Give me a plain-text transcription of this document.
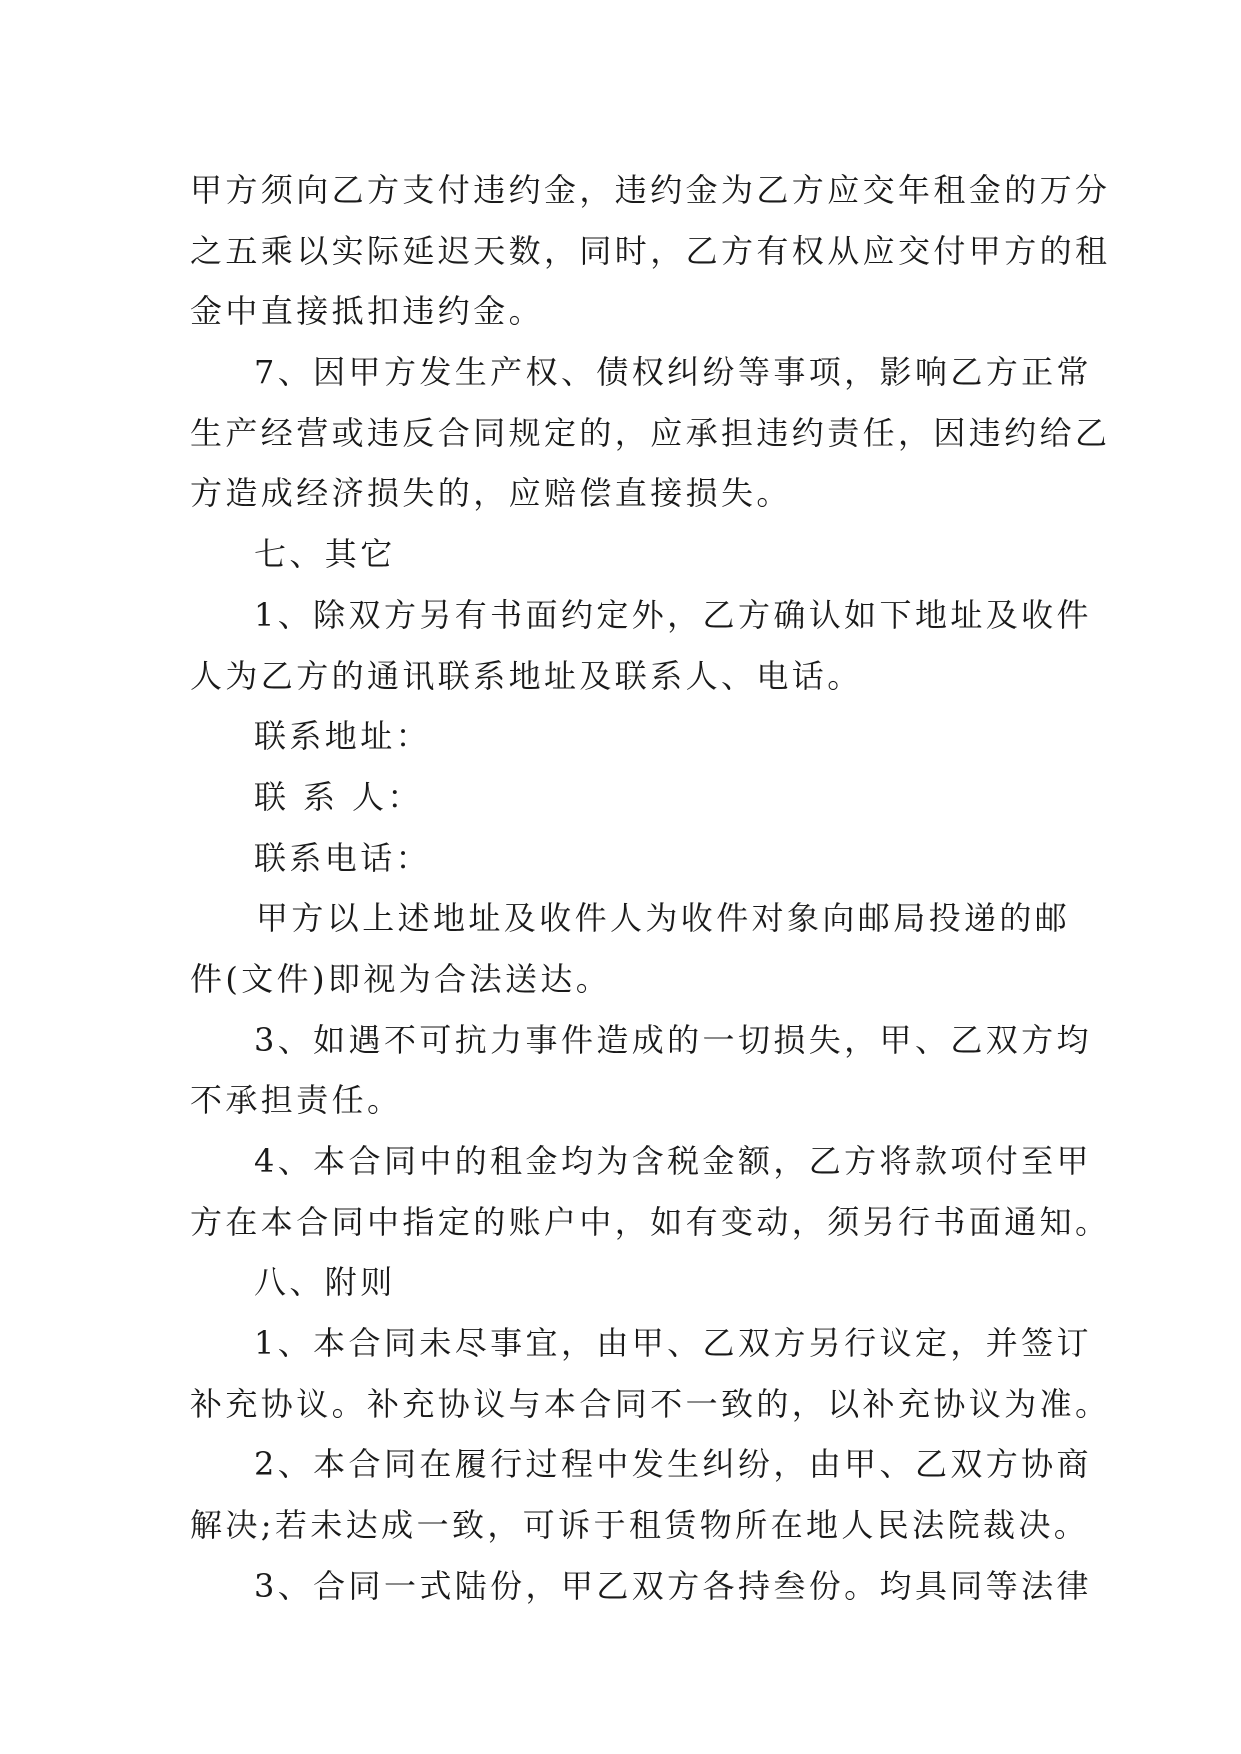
甲方须向乙方支付违约金，违约金为乙方应交年租金的万分
之五乘以实际延迟天数，同时，乙方有权从应交付甲方的租
金中直接抵扣违约金。
7、因甲方发生产权、债权纠纷等事项，影响乙方正常
生产经营或违反合同规定的，应承担违约责任，因违约给乙
方造成经济损失的，应赔偿直接损失。
七、其它
1、除双方另有书面约定外，乙方确认如下地址及收件
人为乙方的通讯联系地址及联系人、电话。
联系地址：
联 系 人：
联系电话：
甲方以上述地址及收件人为收件对象向邮局投递的邮
件(文件)即视为合法送达。
3、如遇不可抗力事件造成的一切损失，甲、乙双方均
不承担责任。
4、本合同中的租金均为含税金额，乙方将款项付至甲
方在本合同中指定的账户中，如有变动，须另行书面通知。
八、附则
1、本合同未尽事宜，由甲、乙双方另行议定，并签订
补充协议。补充协议与本合同不一致的，以补充协议为准。
2、本合同在履行过程中发生纠纷，由甲、乙双方协商
解决;若未达成一致，可诉于租赁物所在地人民法院裁决。
3、合同一式陆份，甲乙双方各持叁份。均具同等法律
